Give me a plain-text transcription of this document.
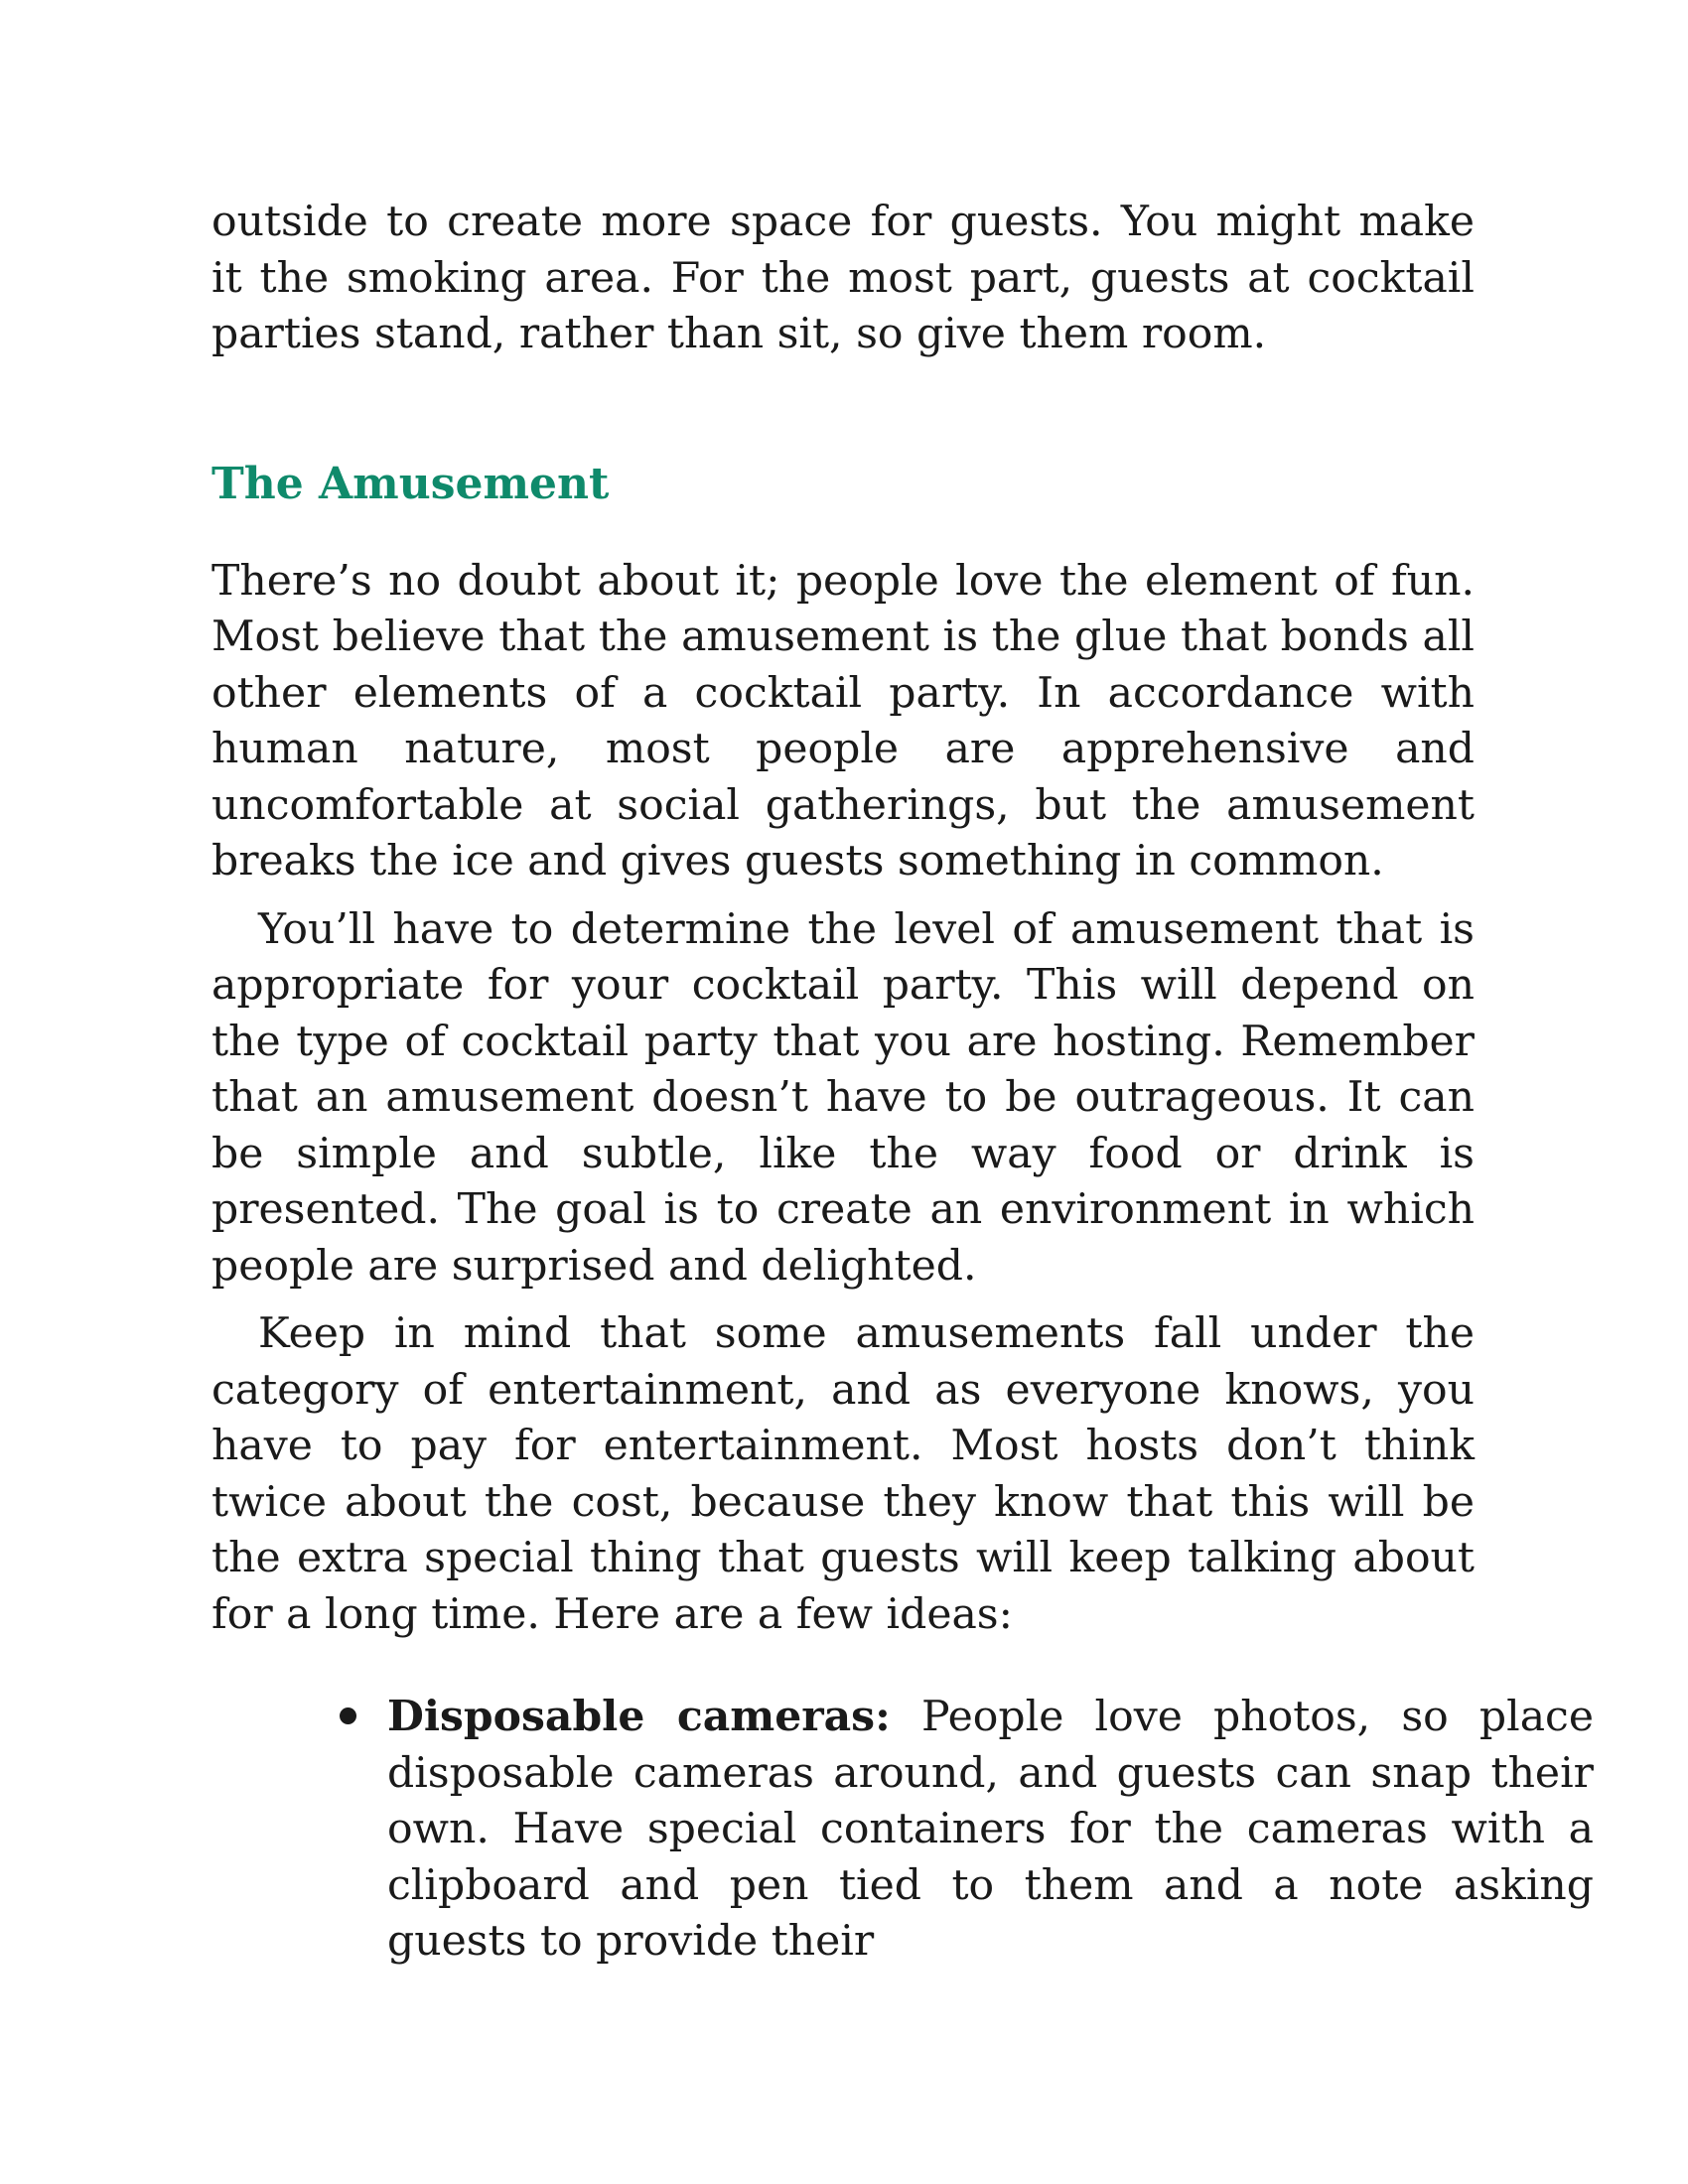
outside to create more space for guests. You might make it the smoking area. For the most part, guests at cocktail parties stand, rather than sit, so give them room.

The Amusement

There’s no doubt about it; people love the element of fun. Most believe that the amusement is the glue that bonds all other elements of a cocktail party. In accordance with human nature, most people are apprehensive and uncomfortable at social gatherings, but the amusement breaks the ice and gives guests something in common.

You’ll have to determine the level of amusement that is appropriate for your cocktail party. This will depend on the type of cocktail party that you are hosting. Remember that an amusement doesn’t have to be outrageous. It can be simple and subtle, like the way food or drink is presented. The goal is to create an environment in which people are surprised and delighted.

Keep in mind that some amusements fall under the category of entertainment, and as everyone knows, you have to pay for entertainment. Most hosts don’t think twice about the cost, because they know that this will be the extra special thing that guests will keep talking about for a long time. Here are a few ideas:

Disposable cameras: People love photos, so place disposable cameras around, and guests can snap their own. Have special containers for the cameras with a clipboard and pen tied to them and a note asking guests to provide their
